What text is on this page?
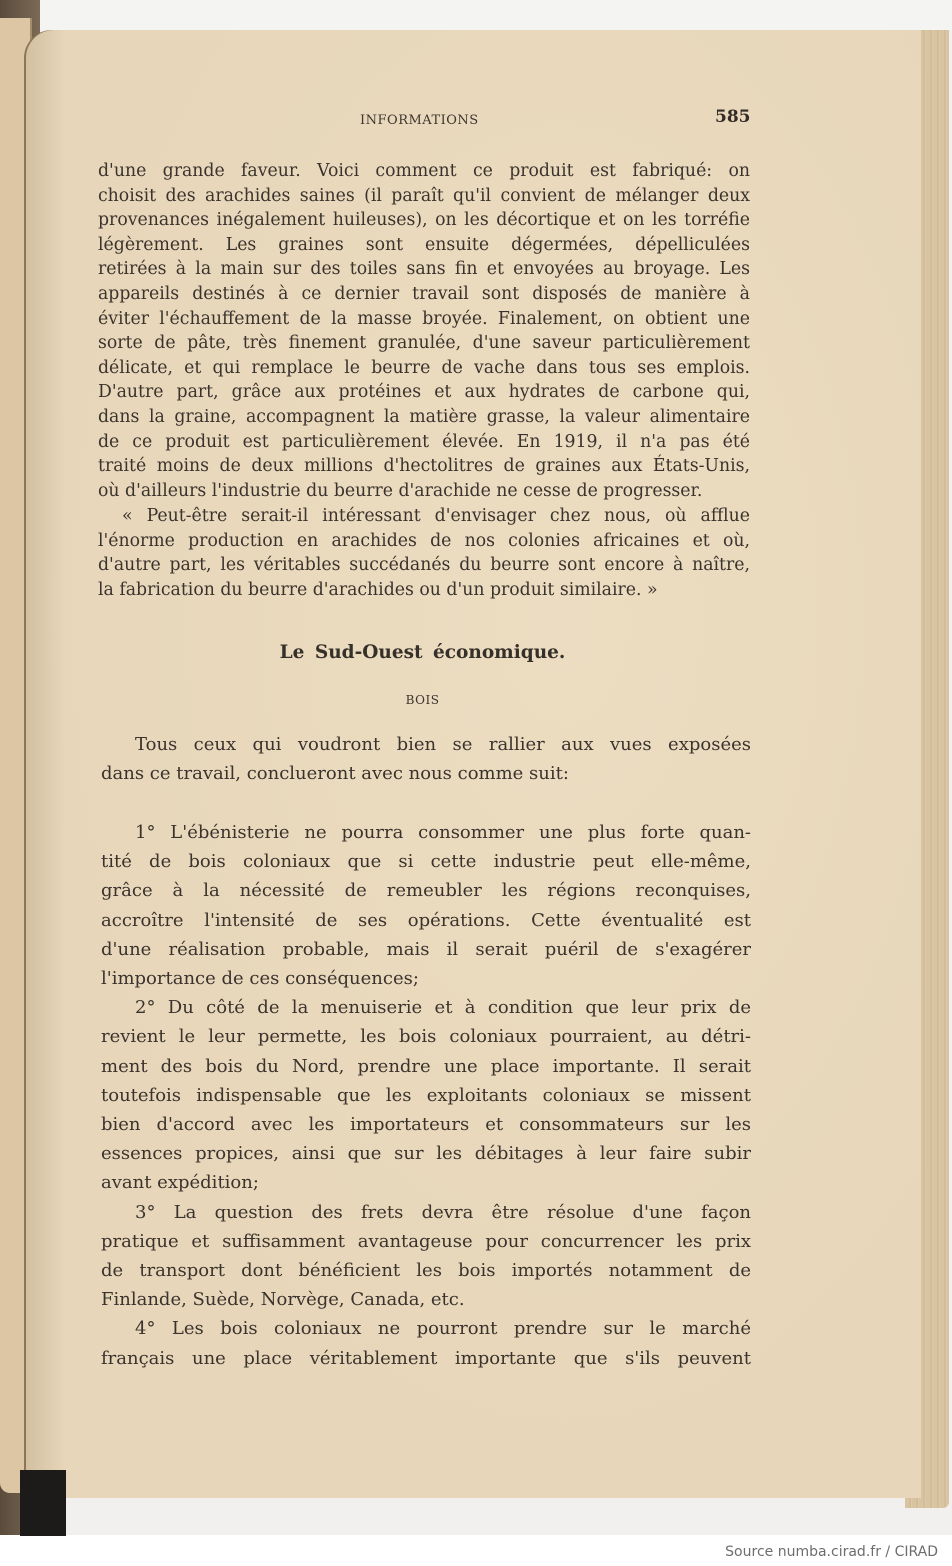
INFORMATIONS	585
d'une grande faveur. Voici comment ce produit est fabriqué: on
choisit des arachides saines (il paraît qu'il convient de mélanger deux
provenances inégalement huileuses), on les décortique et on les torréfie
légèrement. Les graines sont ensuite dégermées, dépelliculées
retirées à la main sur des toiles sans fin et envoyées au broyage. Les
appareils destinés à ce dernier travail sont disposés de manière à
éviter l'échauffement de la masse broyée. Finalement, on obtient une
sorte de pâte, très finement granulée, d'une saveur particulièrement
délicate, et qui remplace le beurre de vache dans tous ses emplois.
D'autre part, grâce aux protéines et aux hydrates de carbone qui,
dans la graine, accompagnent la matière grasse, la valeur alimentaire
de ce produit est particulièrement élevée. En 1919, il n'a pas été
traité moins de deux millions d'hectolitres de graines aux États-Unis,
où d'ailleurs l'industrie du beurre d'arachide ne cesse de progresser.
« Peut-être serait-il intéressant d'envisager chez nous, où afflue
l'énorme production en arachides de nos colonies africaines et où,
d'autre part, les véritables succédanés du beurre sont encore à naître,
la fabrication du beurre d'arachides ou d'un produit similaire. »
Le Sud-Ouest économique.
BOIS
Tous ceux qui voudront bien se rallier aux vues exposées
dans ce travail, conclueront avec nous comme suit:
1° L'ébénisterie ne pourra consommer une plus forte quan-
tité de bois coloniaux que si cette industrie peut elle-même,
grâce à la nécessité de remeubler les régions reconquises,
accroître l'intensité de ses opérations. Cette éventualité est
d'une réalisation probable, mais il serait puéril de s'exagérer
l'importance de ces conséquences;
2° Du côté de la menuiserie et à condition que leur prix de
revient le leur permette, les bois coloniaux pourraient, au détri-
ment des bois du Nord, prendre une place importante. Il serait
toutefois indispensable que les exploitants coloniaux se missent
bien d'accord avec les importateurs et consommateurs sur les
essences propices, ainsi que sur les débitages à leur faire subir
avant expédition;
3° La question des frets devra être résolue d'une façon
pratique et suffisamment avantageuse pour concurrencer les prix
de transport dont bénéficient les bois importés notamment de
Finlande, Suède, Norvège, Canada, etc.
4° Les bois coloniaux ne pourront prendre sur le marché
français une place véritablement importante que s'ils peuvent
Source numba.cirad.fr / CIRAD
